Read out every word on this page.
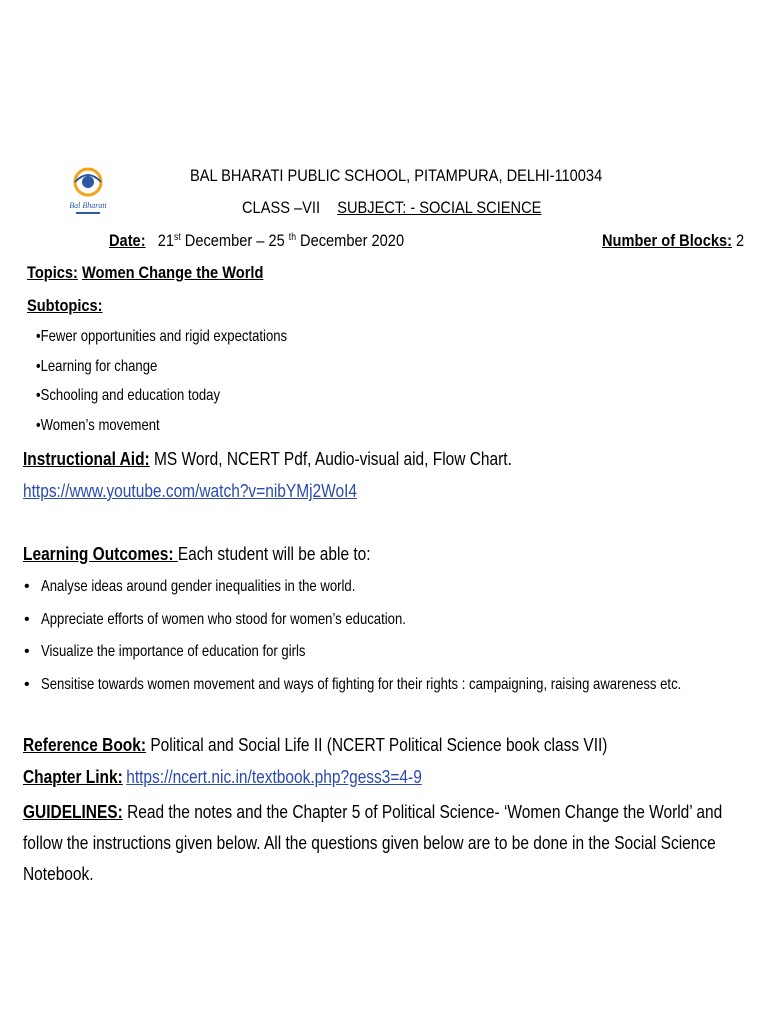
Bal Bharati
BAL BHARATI PUBLIC SCHOOL, PITAMPURA, DELHI-110034
CLASS –VII SUBJECT: - SOCIAL SCIENCE
Date: 21st December – 25 $^{th}$ December 2020	Number of Blocks: 2
Topics: Women Change the World
Subtopics:
•Fewer opportunities and rigid expectations
•Learning for change
•Schooling and education today
•Women’s movement
Instructional Aid: MS Word, NCERT Pdf, Audio-visual aid, Flow Chart.
https://www.youtube.com/watch?v=nibYMj2WoI4
Learning Outcomes: Each student will be able to:
• Analyse ideas around gender inequalities in the world.
• Appreciate efforts of women who stood for women’s education.
• Visualize the importance of education for girls
• Sensitise towards women movement and ways of fighting for their rights : campaigning, raising awareness etc.
Reference Book: Political and Social Life II (NCERT Political Science book class VII)
Chapter Link: https://ncert.nic.in/textbook.php?gess3=4-9
GUIDELINES: Read the notes and the Chapter 5 of Political Science- ‘Women Change the World’ and follow the instructions given below. All the questions given below are to be done in the Social Science Notebook.
